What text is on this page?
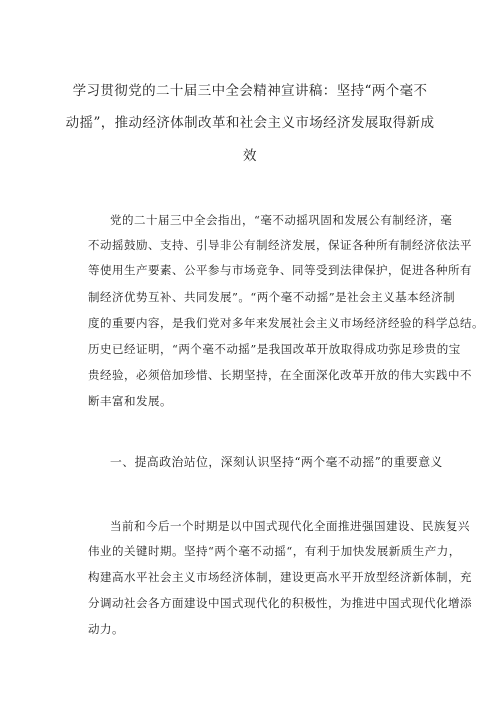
学习贯彻党的二十届三中全会精神宣讲稿：坚持“两个毫不
动摇”，推动经济体制改革和社会主义市场经济发展取得新成
效
党的二十届三中全会指出，“毫不动摇巩固和发展公有制经济，毫
不动摇鼓励、支持、引导非公有制经济发展，保证各种所有制经济依法平
等使用生产要素、公平参与市场竞争、同等受到法律保护，促进各种所有
制经济优势互补、共同发展”。“两个毫不动摇”是社会主义基本经济制
度的重要内容，是我们党对多年来发展社会主义市场经济经验的科学总结。
历史已经证明，“两个毫不动摇”是我国改革开放取得成功弥足珍贵的宝
贵经验，必须倍加珍惜、长期坚持，在全面深化改革开放的伟大实践中不
断丰富和发展。
一、提高政治站位，深刻认识坚持“两个毫不动摇”的重要意义
当前和今后一个时期是以中国式现代化全面推进强国建设、民族复兴
伟业的关键时期。坚持“两个毫不动摇“，有利于加快发展新质生产力，
构建高水平社会主义市场经济体制，建设更高水平开放型经济新体制，充
分调动社会各方面建设中国式现代化的积极性，为推进中国式现代化增添
动力。
